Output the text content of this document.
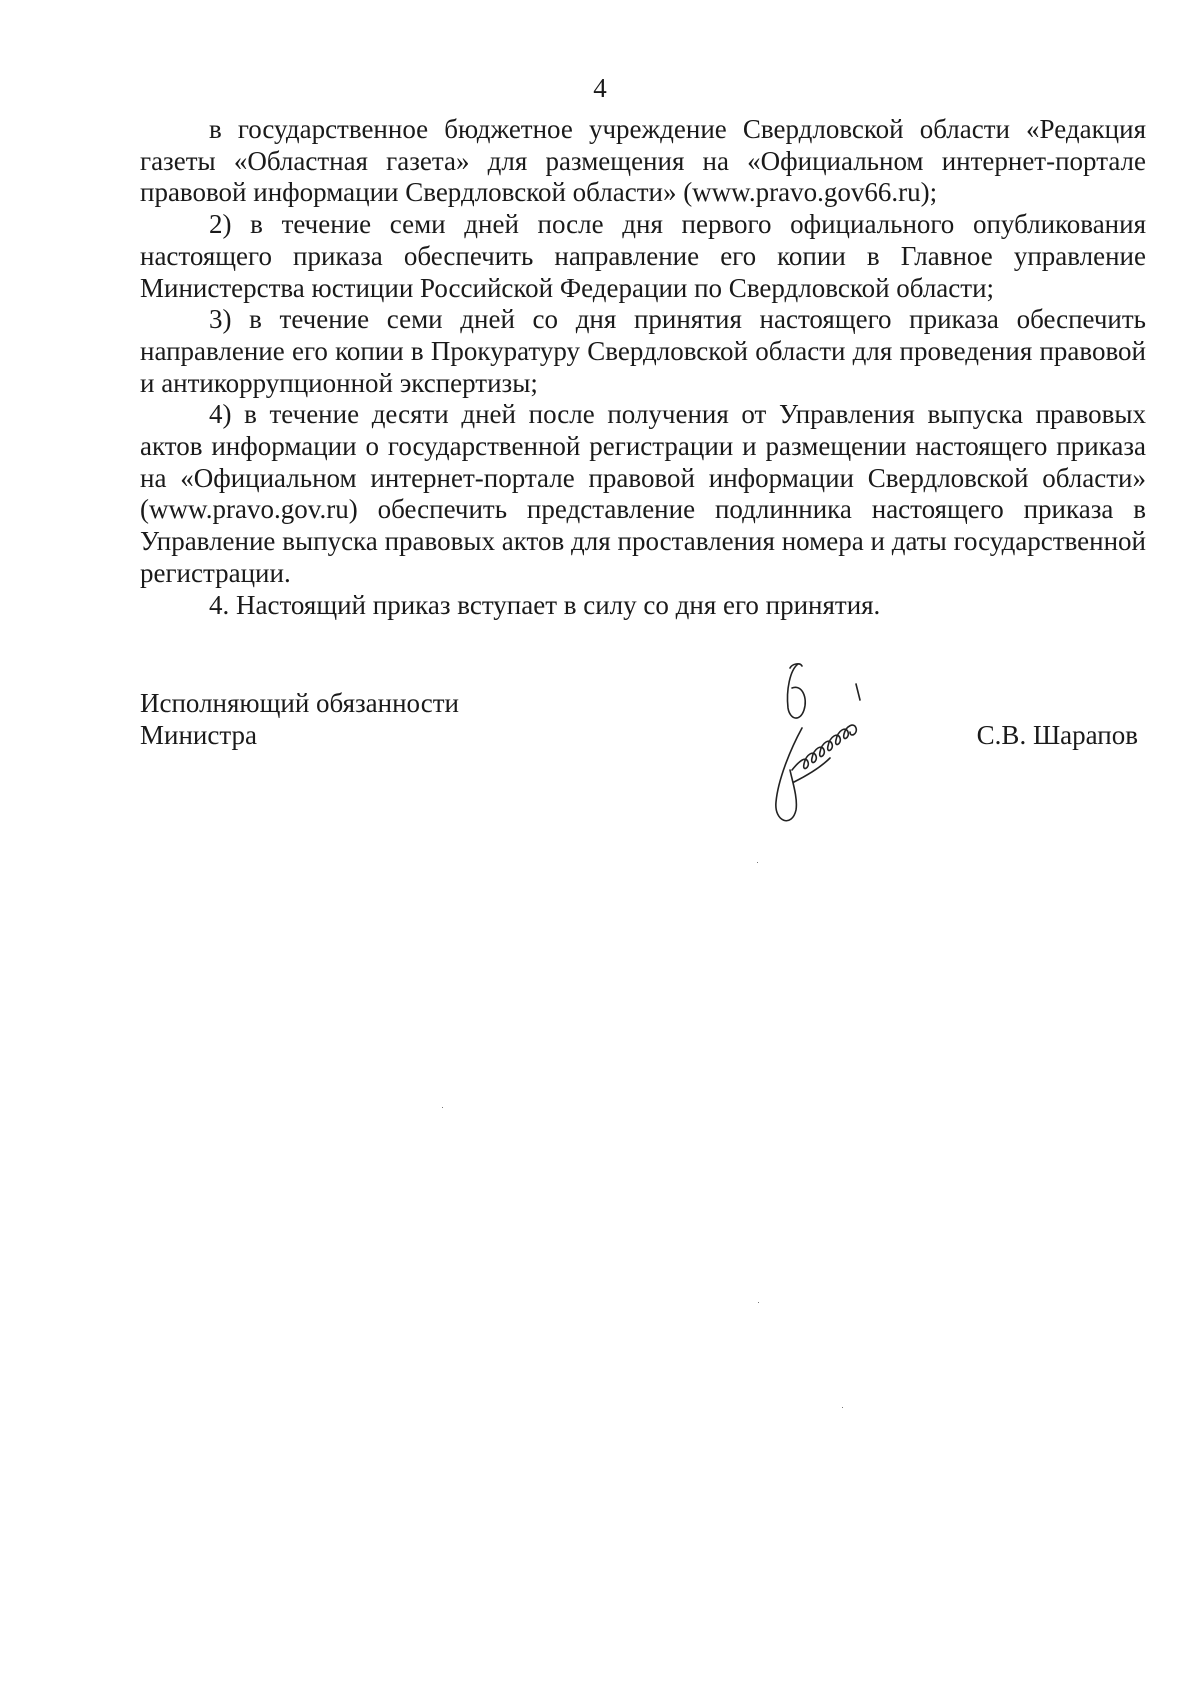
4

в государственное бюджетное учреждение Свердловской области «Редакция газеты «Областная газета» для размещения на «Официальном интернет-портале правовой информации Свердловской области» (www.pravo.gov66.ru);

2) в течение семи дней после дня первого официального опубликования настоящего приказа обеспечить направление его копии в Главное управление Министерства юстиции Российской Федерации по Свердловской области;

3) в течение семи дней со дня принятия настоящего приказа обеспечить направление его копии в Прокуратуру Свердловской области для проведения правовой и антикоррупционной экспертизы;

4) в течение десяти дней после получения от Управления выпуска правовых актов информации о государственной регистрации и размещении настоящего приказа на «Официальном интернет-портале правовой информации Свердловской области» (www.pravo.gov.ru) обеспечить представление подлинника настоящего приказа в Управление выпуска правовых актов для проставления номера и даты государственной регистрации.

4. Настоящий приказ вступает в силу со дня его принятия.

Исполняющий обязанности
Министра	С.В. Шарапов
